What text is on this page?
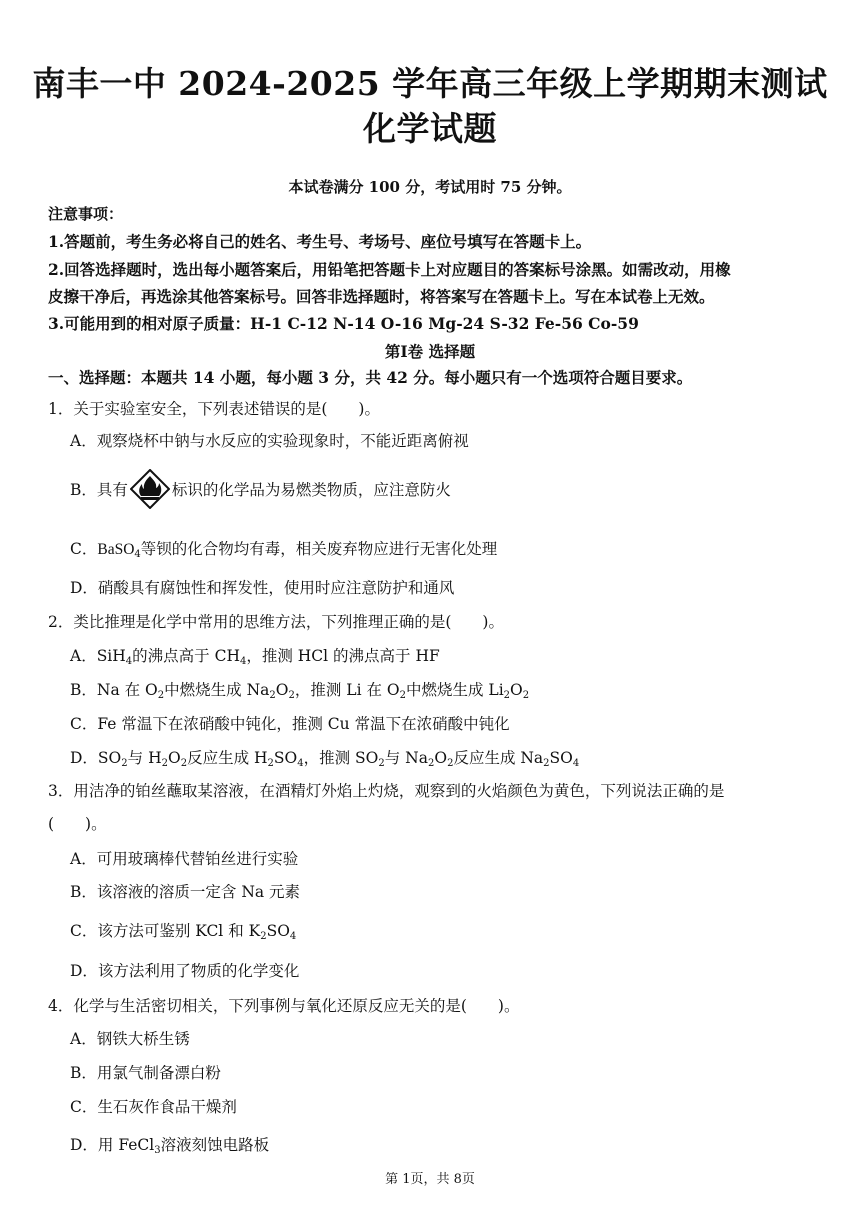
南丰一中 2024-2025 学年高三年级上学期期末测试
化学试题
本试卷满分 100 分，考试用时 75 分钟。
注意事项：
1.答题前，考生务必将自己的姓名、考生号、考场号、座位号填写在答题卡上。
2.回答选择题时，选出每小题答案后，用铅笔把答题卡上对应题目的答案标号涂黑。如需改动，用橡
皮擦干净后，再选涂其他答案标号。回答非选择题时，将答案写在答题卡上。写在本试卷上无效。
3.可能用到的相对原子质量：H-1 C-12 N-14 O-16 Mg-24 S-32 Fe-56 Co-59
第Ⅰ卷 选择题
一、选择题：本题共 14 小题，每小题 3 分，共 42 分。每小题只有一个选项符合题目要求。
1．关于实验室安全，下列表述错误的是(　　)。
A．观察烧杯中钠与水反应的实验现象时，不能近距离俯视
B．具有	标识的化学品为易燃类物质，应注意防火
C．BaSO$_4$等钡的化合物均有毒，相关废弃物应进行无害化处理
D．硝酸具有腐蚀性和挥发性，使用时应注意防护和通风
2．类比推理是化学中常用的思维方法，下列推理正确的是(　　)。
A．SiH$_4$的沸点高于 $CH_4$，推测 HCl 的沸点高于 HF
B．Na 在 $O_2$中燃烧生成 $Na_2O_2$，推测 Li 在 $O_2$中燃烧生成 $Li_2O_2$
C．Fe 常温下在浓硝酸中钝化，推测 Cu 常温下在浓硝酸中钝化
D．$SO_2$与 $H_2O_2$反应生成 $H_2SO_4$，推测 $SO_2$与 $Na_2O_2$反应生成 $Na_2SO_4$
3．用洁净的铂丝蘸取某溶液，在酒精灯外焰上灼烧，观察到的火焰颜色为黄色，下列说法正确的是
(　　)。
A．可用玻璃棒代替铂丝进行实验
B．该溶液的溶质一定含 Na 元素
C．该方法可鉴别 KCl 和 $K_2SO_4$
D．该方法利用了物质的化学变化
4．化学与生活密切相关，下列事例与氧化还原反应无关的是(　　)。
A．钢铁大桥生锈
B．用氯气制备漂白粉
C．生石灰作食品干燥剂
D．用 FeCl$_3$溶液刻蚀电路板
第 1页，共 8页
